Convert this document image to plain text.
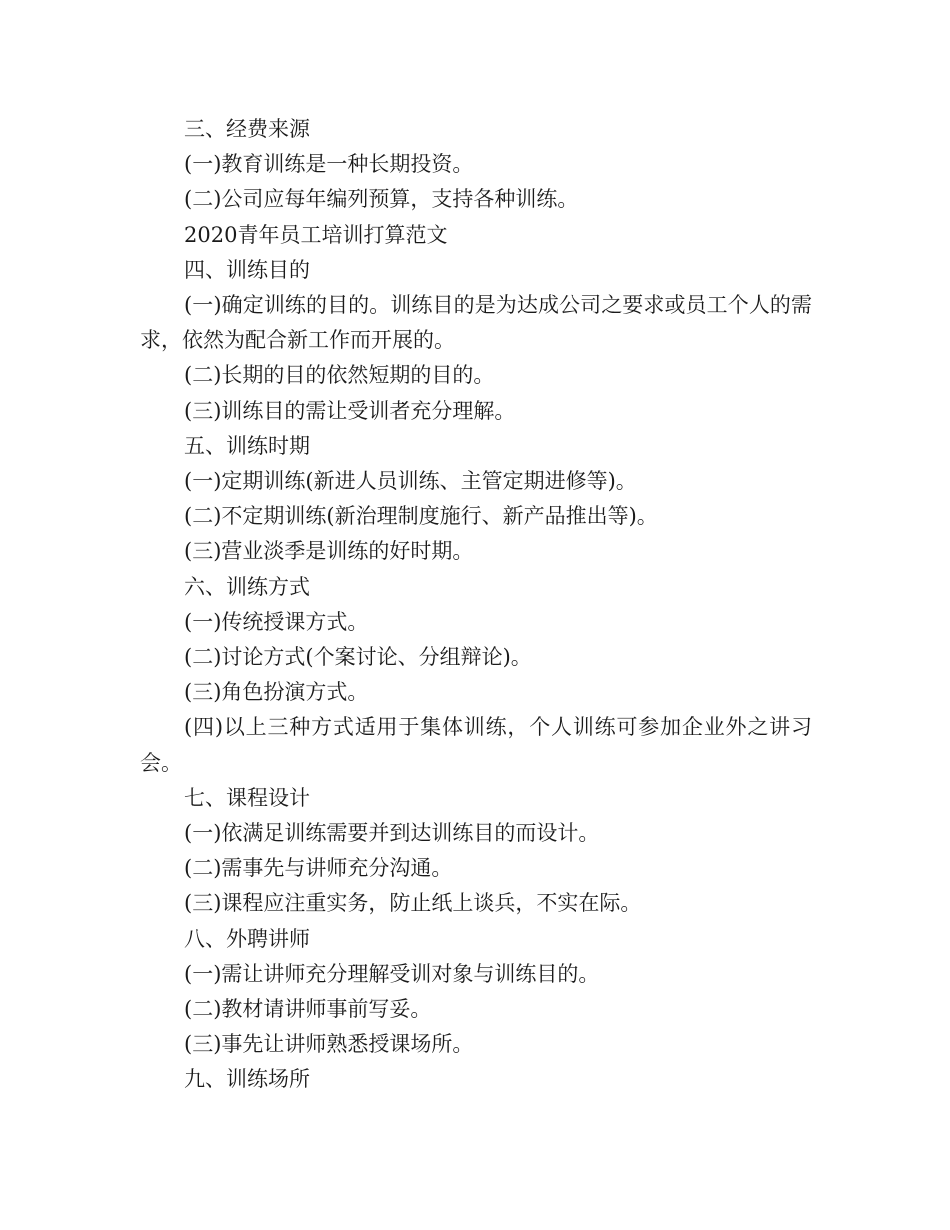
三、经费来源

(一)教育训练是一种长期投资。

(二)公司应每年编列预算，支持各种训练。

2020青年员工培训打算范文

四、训练目的

(一)确定训练的目的。训练目的是为达成公司之要求或员工个人的需求，依然为配合新工作而开展的。

(二)长期的目的依然短期的目的。

(三)训练目的需让受训者充分理解。

五、训练时期

(一)定期训练(新进人员训练、主管定期进修等)。

(二)不定期训练(新治理制度施行、新产品推出等)。

(三)营业淡季是训练的好时期。

六、训练方式

(一)传统授课方式。

(二)讨论方式(个案讨论、分组辩论)。

(三)角色扮演方式。

(四)以上三种方式适用于集体训练，个人训练可参加企业外之讲习会。

七、课程设计

(一)依满足训练需要并到达训练目的而设计。

(二)需事先与讲师充分沟通。

(三)课程应注重实务，防止纸上谈兵，不实在际。

八、外聘讲师

(一)需让讲师充分理解受训对象与训练目的。

(二)教材请讲师事前写妥。

(三)事先让讲师熟悉授课场所。

九、训练场所
